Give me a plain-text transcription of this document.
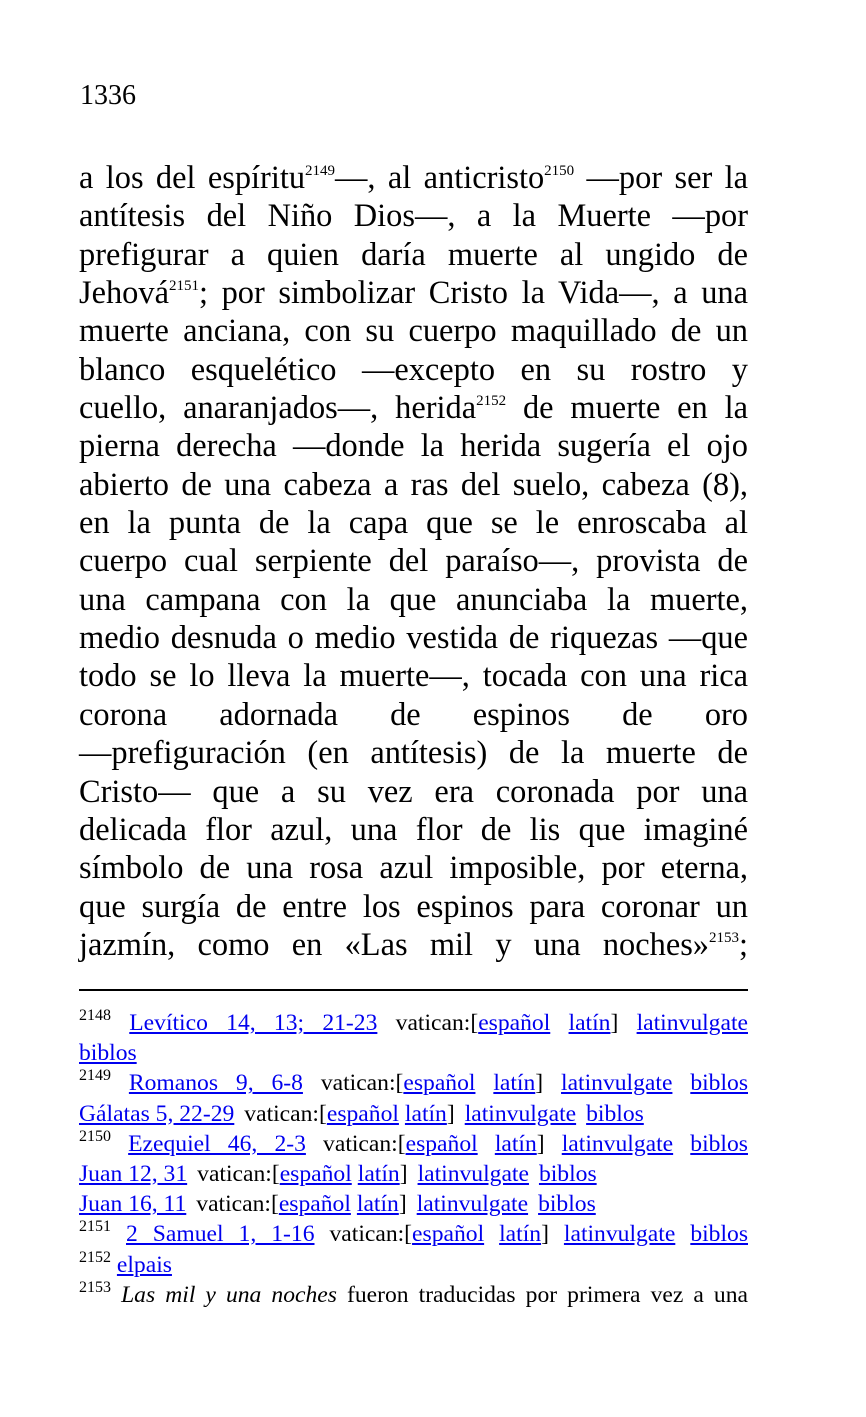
1336
a los del espíritu$^{2149}$—, al anticristo$^{2150}$ —por ser la
antítesis del Niño Dios—, a la Muerte —por
prefigurar a quien daría muerte al ungido de
Jehová$^{2151}$; por simbolizar Cristo la Vida—, a una
muerte anciana, con su cuerpo maquillado de un
blanco esquelético —excepto en su rostro y
cuello, anaranjados—, herida$^{2152}$ de muerte en la
pierna derecha —donde la herida sugería el ojo
abierto de una cabeza a ras del suelo, cabeza (8),
en la punta de la capa que se le enroscaba al
cuerpo cual serpiente del paraíso—, provista de
una campana con la que anunciaba la muerte,
medio desnuda o medio vestida de riquezas —que
todo se lo lleva la muerte—, tocada con una rica
corona adornada de espinos de oro
—prefiguración (en antítesis) de la muerte de
Cristo— que a su vez era coronada por una
delicada flor azul, una flor de lis que imaginé
símbolo de una rosa azul imposible, por eterna,
que surgía de entre los espinos para coronar un
jazmín, como en «Las mil y una noches»$^{2153}$;
$^{2148}$ Levítico 14, 13; 21-23 vatican:[español latín] latinvulgate
biblos
$^{2149}$ Romanos 9, 6-8 vatican:[español latín] latinvulgate biblos
Gálatas 5, 22-29 vatican:[español latín] latinvulgate biblos
$^{2150}$ Ezequiel 46, 2-3 vatican:[español latín] latinvulgate biblos
Juan 12, 31 vatican:[español latín] latinvulgate biblos
Juan 16, 11 vatican:[español latín] latinvulgate biblos
$^{2151}$ 2 Samuel 1, 1-16 vatican:[español latín] latinvulgate biblos
$^{2152}$ elpais
$^{2153}$ Las mil y una noches fueron traducidas por primera vez a una
